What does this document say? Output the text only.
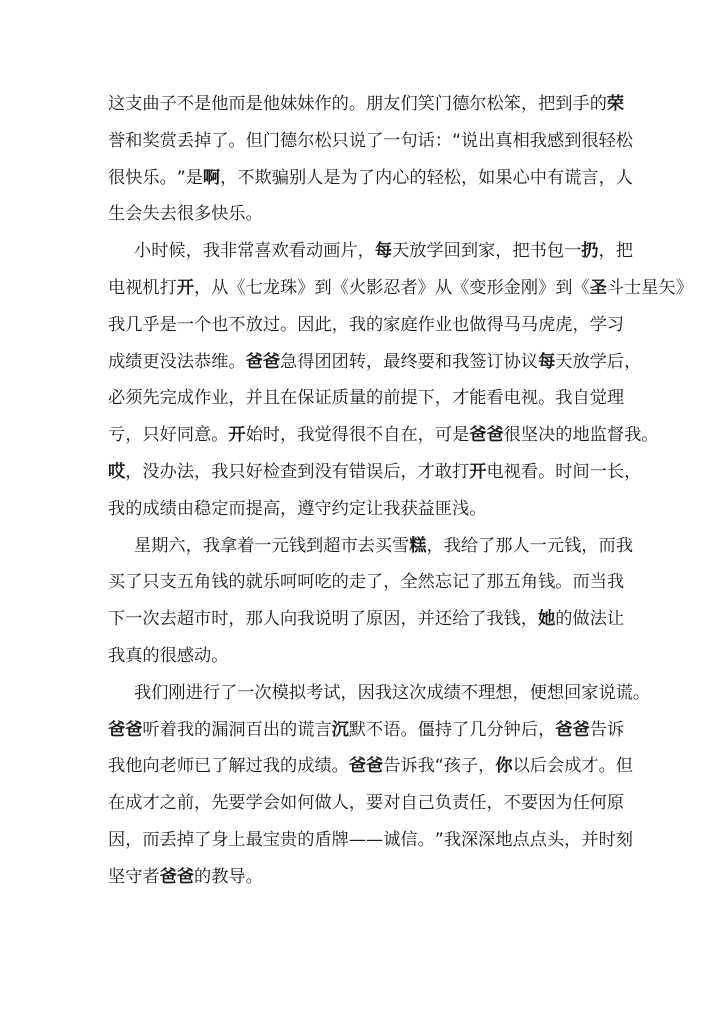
这 支 曲 子 不 是 他 而 是 他 妹 妹 作 的 。 朋 友 们 笑 门 德 尔 松 笨 ， 把 到 手 的 荣
誉 和 奖 赏 丢 掉 了 。 但 门 德 尔 松 只 说 了 一 句 话 ： “ 说 出 真 相 我 感 到 很 轻 松
很 快 乐 。 ” 是 啊 ， 不 欺 骗 别 人 是 为 了 内 心 的 轻 松 ， 如 果 心 中 有 谎 言 ， 人
生 会 失 去 很 多 快 乐 。
小 时 候 ， 我 非 常 喜 欢 看 动 画 片 ， 每 天 放 学 回 到 家 ， 把 书 包 一 扔 ， 把
电 视 机 打 开 ， 从 《 七 龙 珠 》 到 《 火 影 忍 者 》 从 《 变 形 金 刚 》 到 《 圣 斗 士 星 矢 》
我 几 乎 是 一 个 也 不 放 过 。 因 此 ， 我 的 家 庭 作 业 也 做 得 马 马 虎 虎 ， 学 习
成 绩 更 没 法 恭 维 。 爸 爸 急 得 团 团 转 ， 最 终 要 和 我 签 订 协 议 每 天 放 学 后 ，
必 须 先 完 成 作 业 ， 并 且 在 保 证 质 量 的 前 提 下 ， 才 能 看 电 视 。 我 自 觉 理
亏 ， 只 好 同 意 。 开 始 时 ， 我 觉 得 很 不 自 在 ， 可 是 爸 爸 很 坚 决 的 地 监 督 我 。
哎 ， 没 办 法 ， 我 只 好 检 查 到 没 有 错 误 后 ， 才 敢 打 开 电 视 看 。 时 间 一 长 ，
我 的 成 绩 由 稳 定 而 提 高 ， 遵 守 约 定 让 我 获 益 匪 浅 。
星 期 六 ， 我 拿 着 一 元 钱 到 超 市 去 买 雪 糕 ， 我 给 了 那 人 一 元 钱 ， 而 我
买 了 只 支 五 角 钱 的 就 乐 呵 呵 吃 的 走 了 ， 全 然 忘 记 了 那 五 角 钱 。 而 当 我
下 一 次 去 超 市 时 ， 那 人 向 我 说 明 了 原 因 ， 并 还 给 了 我 钱 ， 她 的 做 法 让
我 真 的 很 感 动 。
我 们 刚 进 行 了 一 次 模 拟 考 试 ， 因 我 这 次 成 绩 不 理 想 ， 便 想 回 家 说 谎 。
爸 爸 听 着 我 的 漏 洞 百 出 的 谎 言 沉 默 不 语 。 僵 持 了 几 分 钟 后 ， 爸 爸 告 诉
我 他 向 老 师 已 了 解 过 我 的 成 绩 。 爸 爸 告 诉 我 “ 孩 子 ， 你 以 后 会 成 才 。 但
在 成 才 之 前 ， 先 要 学 会 如 何 做 人 ， 要 对 自 己 负 责 任 ， 不 要 因 为 任 何 原
因 ， 而 丢 掉 了 身 上 最 宝 贵 的 盾 牌 — — 诚 信 。 ” 我 深 深 地 点 点 头 ， 并 时 刻
坚 守 者 爸 爸 的 教 导 。
